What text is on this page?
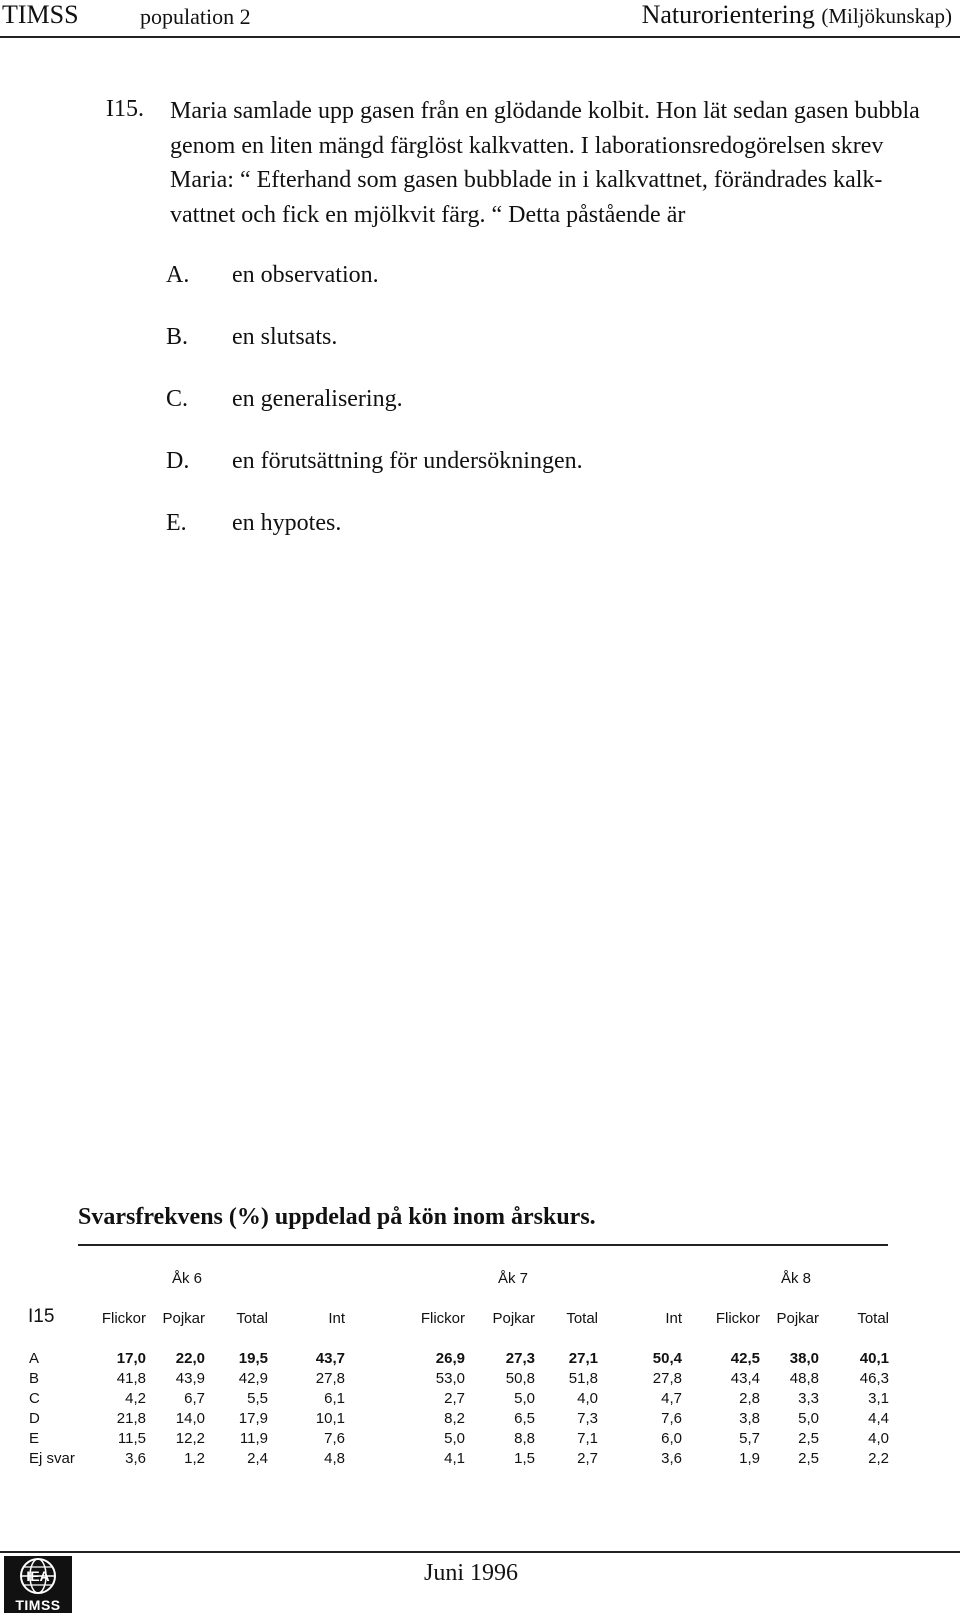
TIMSS	population 2	Naturorientering (Miljökunskap)
I15. Maria samlade upp gasen från en glödande kolbit. Hon lät sedan gasen bubbla
genom en liten mängd färglöst kalkvatten. I laborationsredogörelsen skrev
Maria: “ Efterhand som gasen bubblade in i kalkvattnet, förändrades kalk-
vattnet och fick en mjölkvit färg. “ Detta påstående är
A. en observation.
B. en slutsats.
C. en generalisering.
D. en förutsättning för undersökningen.
E. en hypotes.
Svarsfrekvens (%) uppdelad på kön inom årskurs.
Åk 6	Åk 7	Åk 8
I15	Flickor	Pojkar	Total	Int	Flickor	Pojkar	Total	Int	Flickor	Pojkar	Total
A	17,0	22,0	19,5	43,7	26,9	27,3	27,1	50,4	42,5	38,0	40,1
B	41,8	43,9	42,9	27,8	53,0	50,8	51,8	27,8	43,4	48,8	46,3
C	4,2	6,7	5,5	6,1	2,7	5,0	4,0	4,7	2,8	3,3	3,1
D	21,8	14,0	17,9	10,1	8,2	6,5	7,3	7,6	3,8	5,0	4,4
E	11,5	12,2	11,9	7,6	5,0	8,8	7,1	6,0	5,7	2,5	4,0
Ej svar	3,6	1,2	2,4	4,8	4,1	1,5	2,7	3,6	1,9	2,5	2,2
IEA
TIMSS
Juni 1996
